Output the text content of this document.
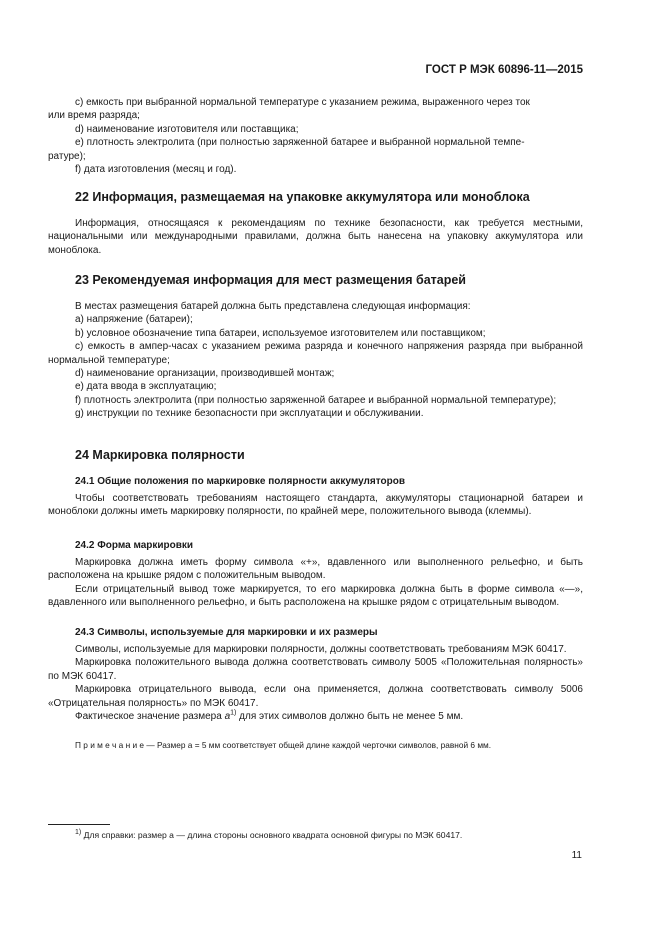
ГОСТ Р МЭК 60896-11—2015

c) емкость при выбранной нормальной температуре с указанием режима, выраженного через ток

или время разряда;

d) наименование изготовителя или поставщика;

e) плотность электролита (при полностью заряженной батарее и выбранной нормальной темпе-

ратуре);

f) дата изготовления (месяц и год).

22 Информация, размещаемая на упаковке аккумулятора или моноблока

Информация, относящаяся к рекомендациям по технике безопасности, как требуется местными, национальными или международными правилами, должна быть нанесена на упаковку аккумулятора или моноблока.

23 Рекомендуемая информация для мест размещения батарей

В местах размещения батарей должна быть представлена следующая информация:

a) напряжение (батареи);

b) условное обозначение типа батареи, используемое изготовителем или поставщиком;

c) емкость в ампер-часах с указанием режима разряда и конечного напряжения разряда при выбранной нормальной температуре;

d) наименование организации, производившей монтаж;

e) дата ввода в эксплуатацию;

f) плотность электролита (при полностью заряженной батарее и выбранной нормальной температуре);

g) инструкции по технике безопасности при эксплуатации и обслуживании.

24 Маркировка полярности
24.1 Общие положения по маркировке полярности аккумуляторов

Чтобы соответствовать требованиям настоящего стандарта, аккумуляторы стационарной батареи и моноблоки должны иметь маркировку полярности, по крайней мере, положительного вывода (клеммы).

24.2 Форма маркировки

Маркировка должна иметь форму символа «+», вдавленного или выполненного рельефно, и быть расположена на крышке рядом с положительным выводом.

Если отрицательный вывод тоже маркируется, то его маркировка должна быть в форме символа «—», вдавленного или выполненного рельефно, и быть расположена на крышке рядом с отрицательным выводом.

24.3 Символы, используемые для маркировки и их размеры

Символы, используемые для маркировки полярности, должны соответствовать требованиям МЭК 60417.

Маркировка положительного вывода должна соответствовать символу 5005 «Положительная полярность» по МЭК 60417.

Маркировка отрицательного вывода, если она применяется, должна соответствовать символу 5006 «Отрицательная полярность» по МЭК 60417.

Фактическое значение размера $a^{1)}$ для этих символов должно быть не менее 5 мм.

П р и м е ч а н и е — Размер a = 5 мм соответствует общей длине каждой черточки символов, равной 6 мм.
$^{1)}$ Для справки: размер a — длина стороны основного квадрата основной фигуры по МЭК 60417.
11
